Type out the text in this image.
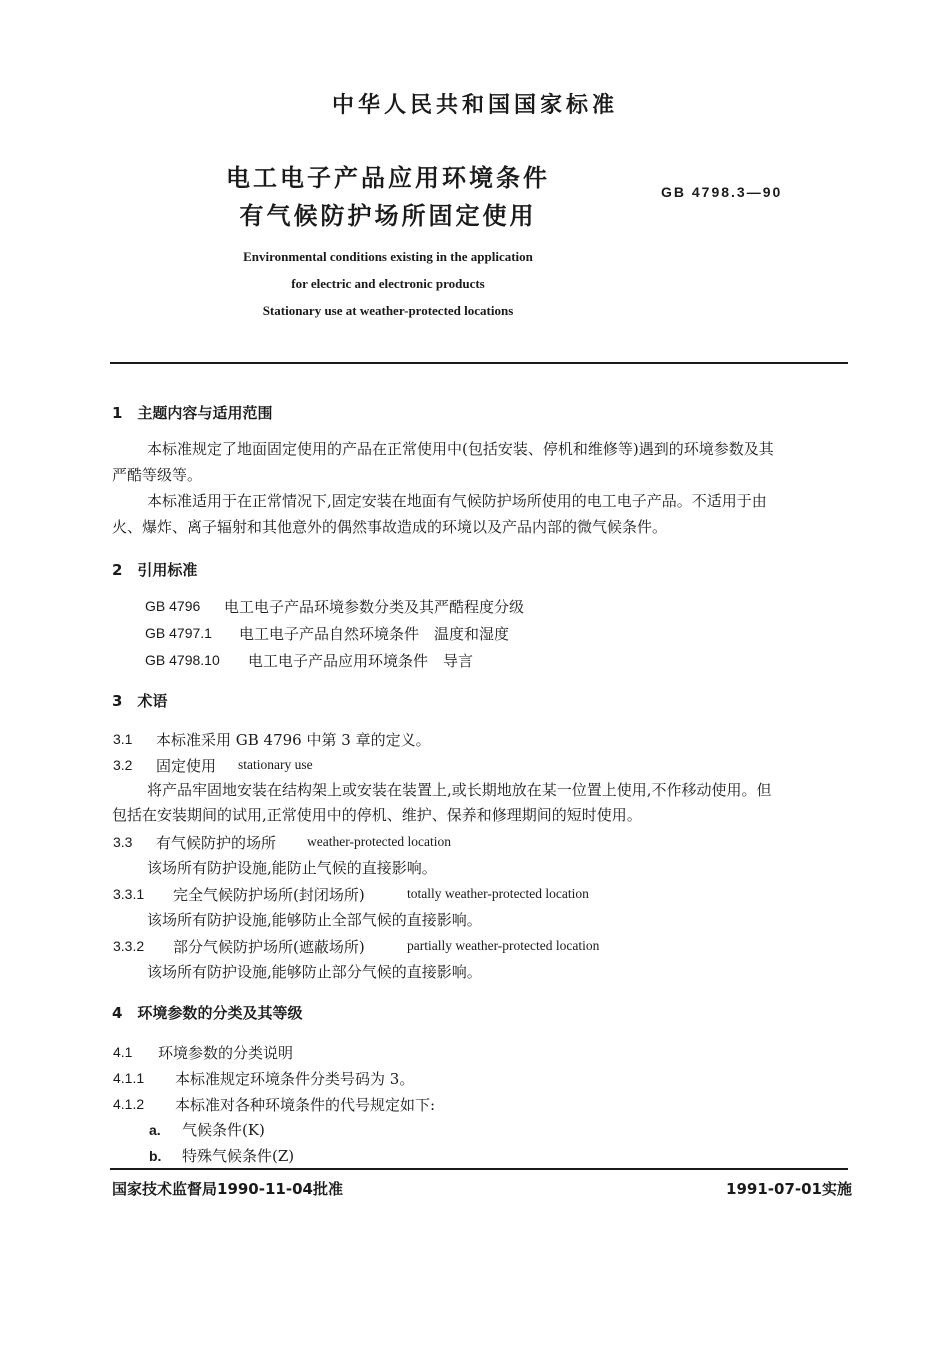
中华人民共和国国家标准
电工电子产品应用环境条件
有气候防护场所固定使用
GB 4798.3—90
Environmental conditions existing in the application
for electric and electronic products
Stationary use at weather-protected locations
1　主题内容与适用范围
本标准规定了地面固定使用的产品在正常使用中(包括安装、停机和维修等)遇到的环境参数及其
严酷等级等。
本标准适用于在正常情况下,固定安装在地面有气候防护场所使用的电工电子产品。不适用于由
火、爆炸、离子辐射和其他意外的偶然事故造成的环境以及产品内部的微气候条件。
2　引用标准
GB 4796 电工电子产品环境参数分类及其严酷程度分级
GB 4797.1 电工电子产品自然环境条件　温度和湿度
GB 4798.10 电工电子产品应用环境条件　导言
3　术语
3.1 本标准采用 GB 4796 中第 3 章的定义。
3.2 固定使用 stationary use
将产品牢固地安装在结构架上或安装在装置上,或长期地放在某一位置上使用,不作移动使用。但
包括在安装期间的试用,正常使用中的停机、维护、保养和修理期间的短时使用。
3.3 有气候防护的场所 weather-protected location
该场所有防护设施,能防止气候的直接影响。
3.3.1 完全气候防护场所(封闭场所)	totally weather-protected location
该场所有防护设施,能够防止全部气候的直接影响。
3.3.2 部分气候防护场所(遮蔽场所)	partially weather-protected location
该场所有防护设施,能够防止部分气候的直接影响。
4　环境参数的分类及其等级
4.1 环境参数的分类说明
4.1.1 本标准规定环境条件分类号码为 3。
4.1.2 本标准对各种环境条件的代号规定如下:
a. 气候条件(K)
b. 特殊气候条件(Z)
国家技术监督局1990-11-04批准	1991-07-01实施
